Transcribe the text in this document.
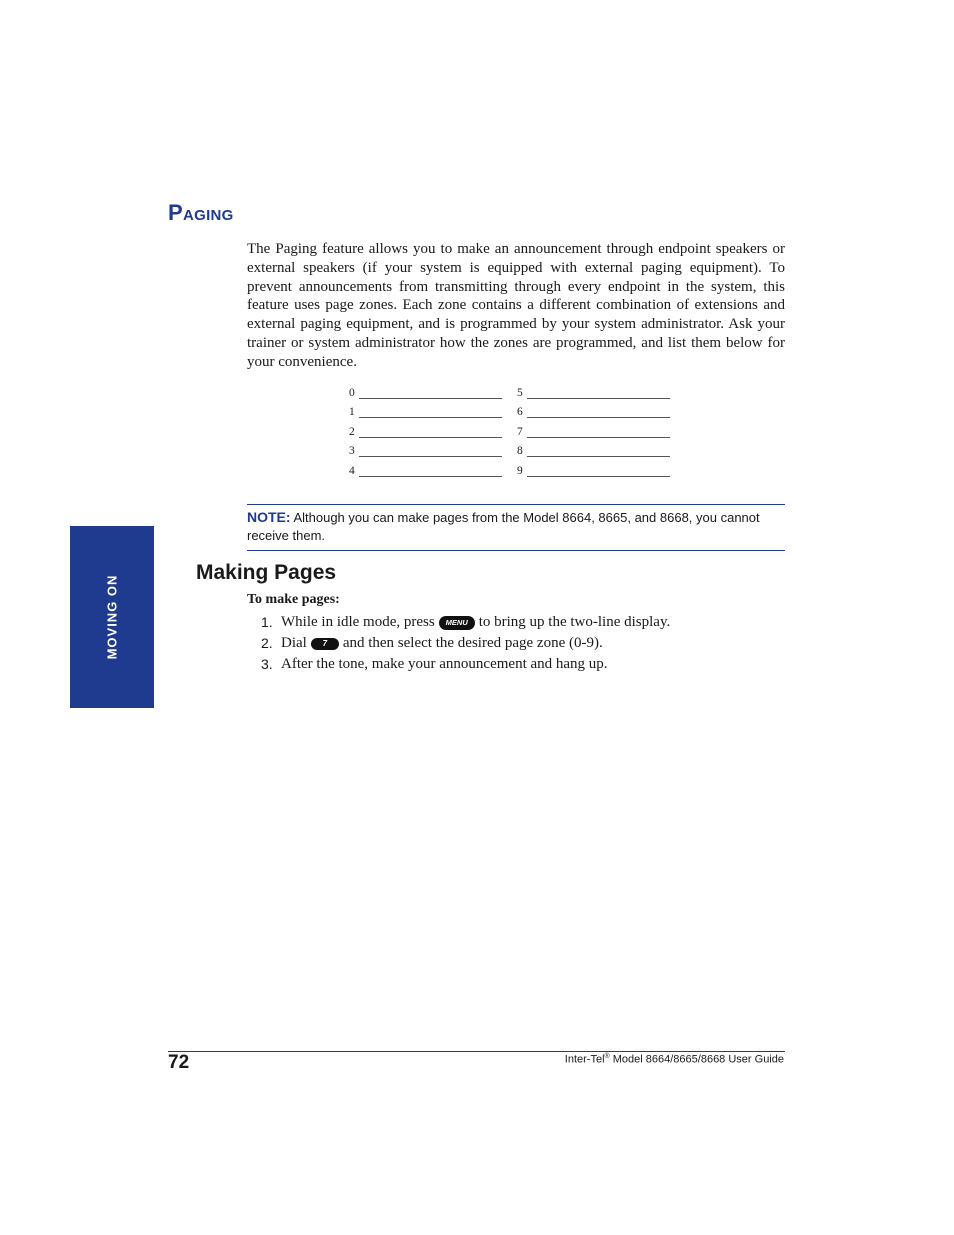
MOVING ON
Paging

The Paging feature allows you to make an announcement through endpoint speakers or external speakers (if your system is equipped with external paging equipment). To prevent announcements from transmitting through every endpoint in the system, this feature uses page zones. Each zone contains a different combination of extensions and external paging equipment, and is programmed by your system administrator. Ask your trainer or system administrator how the zones are programmed, and list them below for your convenience.

0	5
1	6
2	7
3	8
4	9
NOTE: Although you can make pages from the Model 8664, 8665, and 8668, you cannot receive them.
Making Pages

To make pages:

1. While in idle mode, press	MENU to bring up the two-line display.
2. Dial	7	and then select the desired page zone (0-9).
3. After the tone, make your announcement and hang up.

72	Inter-Tel® Model 8664/8665/8668 User Guide
